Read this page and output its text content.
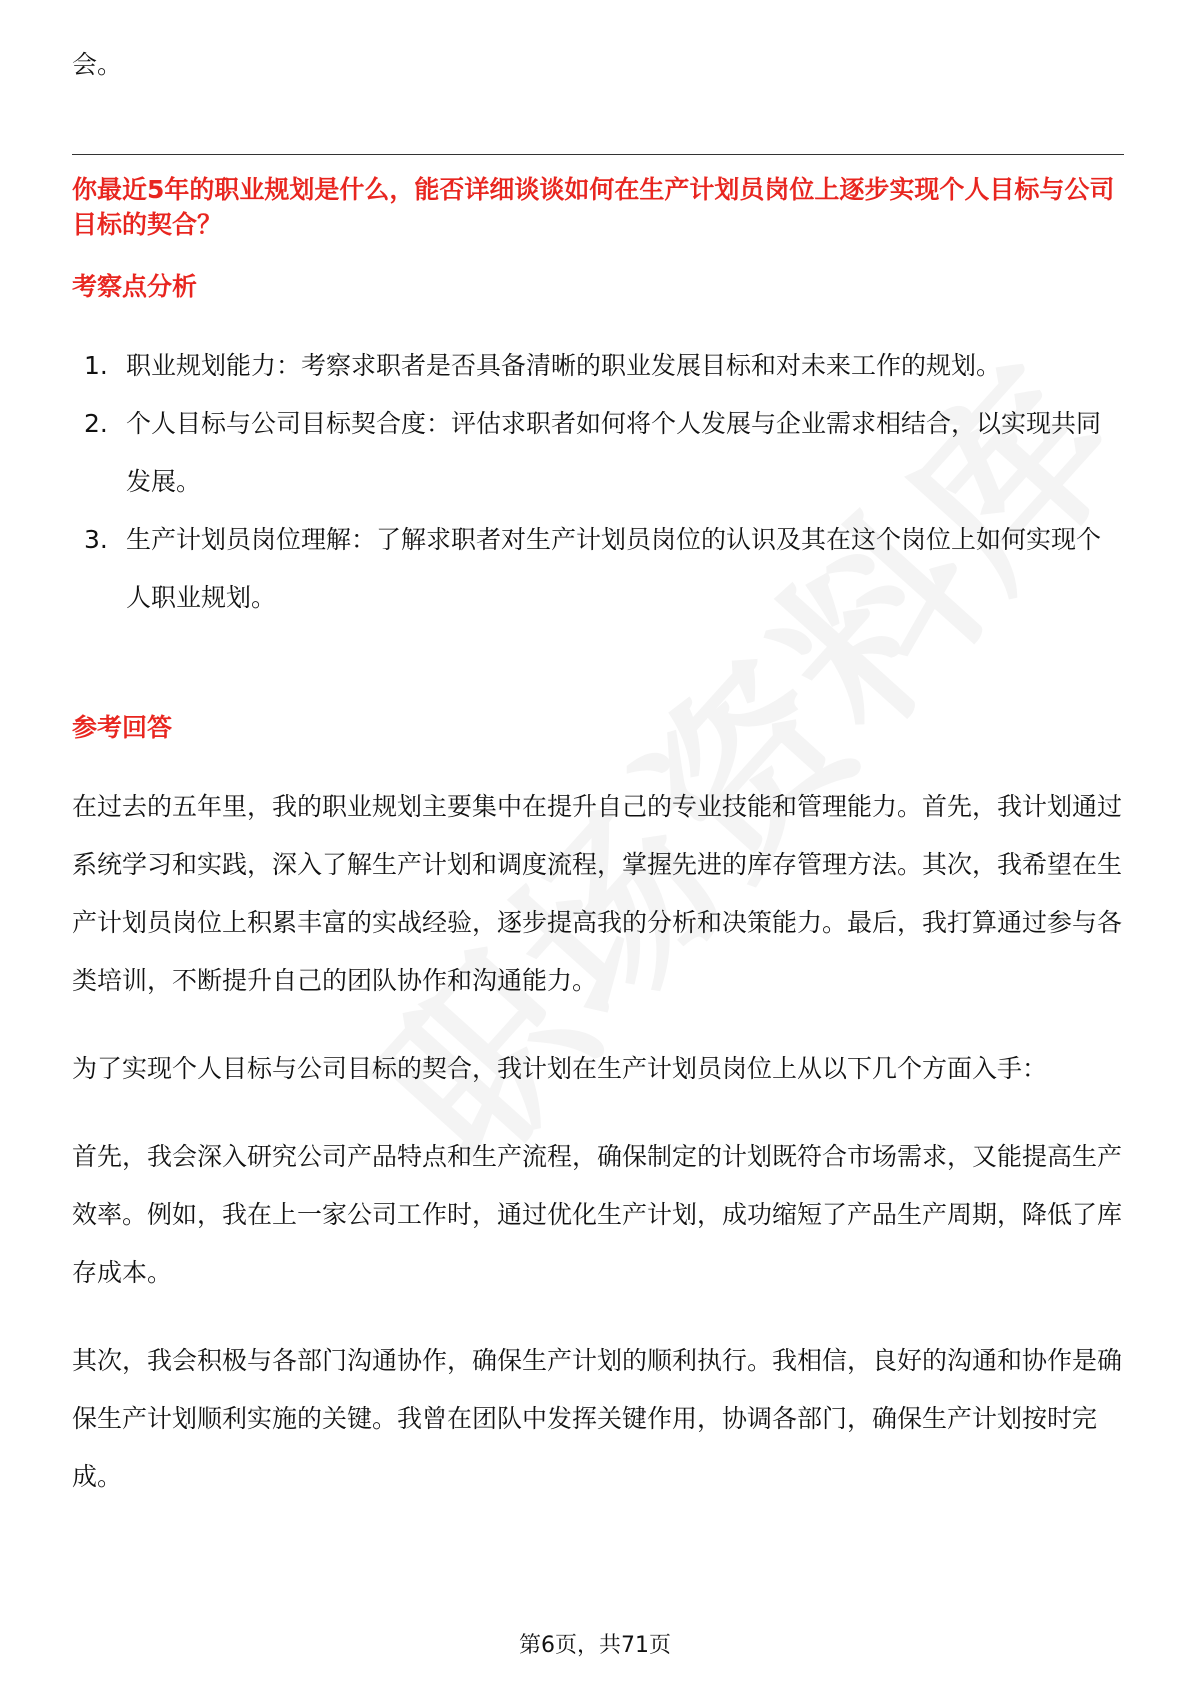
会。

你最近5年的职业规划是什么，能否详细谈谈如何在生产计划员岗位上逐步实现个人目标与公司目标的契合？

考察点分析

1. 职业规划能力：考察求职者是否具备清晰的职业发展目标和对未来工作的规划。
2. 个人目标与公司目标契合度：评估求职者如何将个人发展与企业需求相结合，以实现共同发展。
3. 生产计划员岗位理解：了解求职者对生产计划员岗位的认识及其在这个岗位上如何实现个人职业规划。

参考回答

在过去的五年里，我的职业规划主要集中在提升自己的专业技能和管理能力。首先，我计划通过系统学习和实践，深入了解生产计划和调度流程，掌握先进的库存管理方法。其次，我希望在生产计划员岗位上积累丰富的实战经验，逐步提高我的分析和决策能力。最后，我打算通过参与各类培训，不断提升自己的团队协作和沟通能力。

为了实现个人目标与公司目标的契合，我计划在生产计划员岗位上从以下几个方面入手：

首先，我会深入研究公司产品特点和生产流程，确保制定的计划既符合市场需求，又能提高生产效率。例如，我在上一家公司工作时，通过优化生产计划，成功缩短了产品生产周期，降低了库存成本。

其次，我会积极与各部门沟通协作，确保生产计划的顺利执行。我相信，良好的沟通和协作是确保生产计划顺利实施的关键。我曾在团队中发挥关键作用，协调各部门，确保生产计划按时完成。

第6页，共71页
